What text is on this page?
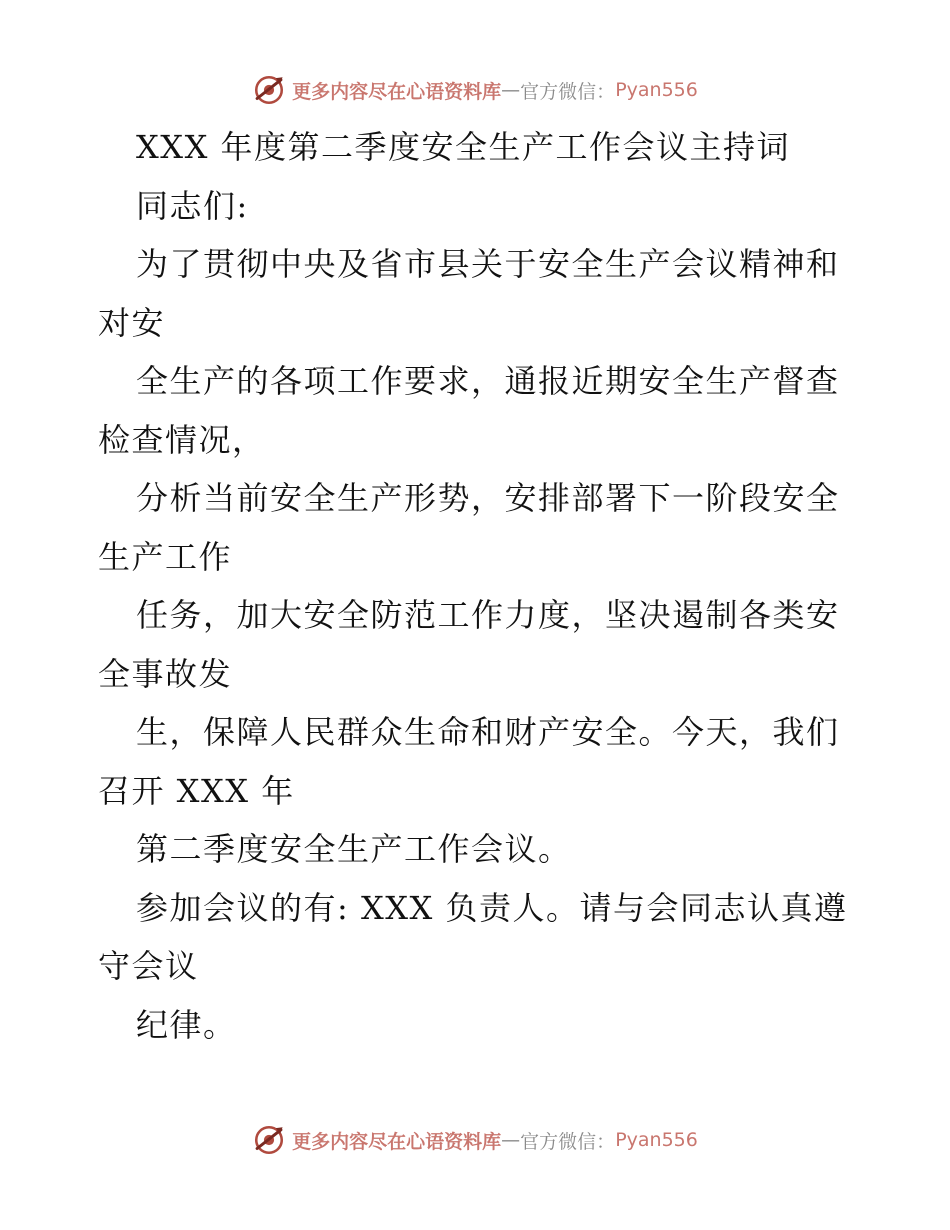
更多内容尽在心语资料库 — 官方微信： Pyan556
XXX 年度第二季度安全生产工作会议主持词
同志们:
为了贯彻中央及省市县关于安全生产会议精神和
对安
全生产的各项工作要求，通报近期安全生产督查
检查情况，
分析当前安全生产形势，安排部署下一阶段安全
生产工作
任务，加大安全防范工作力度，坚决遏制各类安
全事故发
生，保障人民群众生命和财产安全。今天，我们
召开 XXX 年
第二季度安全生产工作会议。
参加会议的有: XXX 负责人。请与会同志认真遵
守会议
纪律。
更多内容尽在心语资料库 — 官方微信： Pyan556
